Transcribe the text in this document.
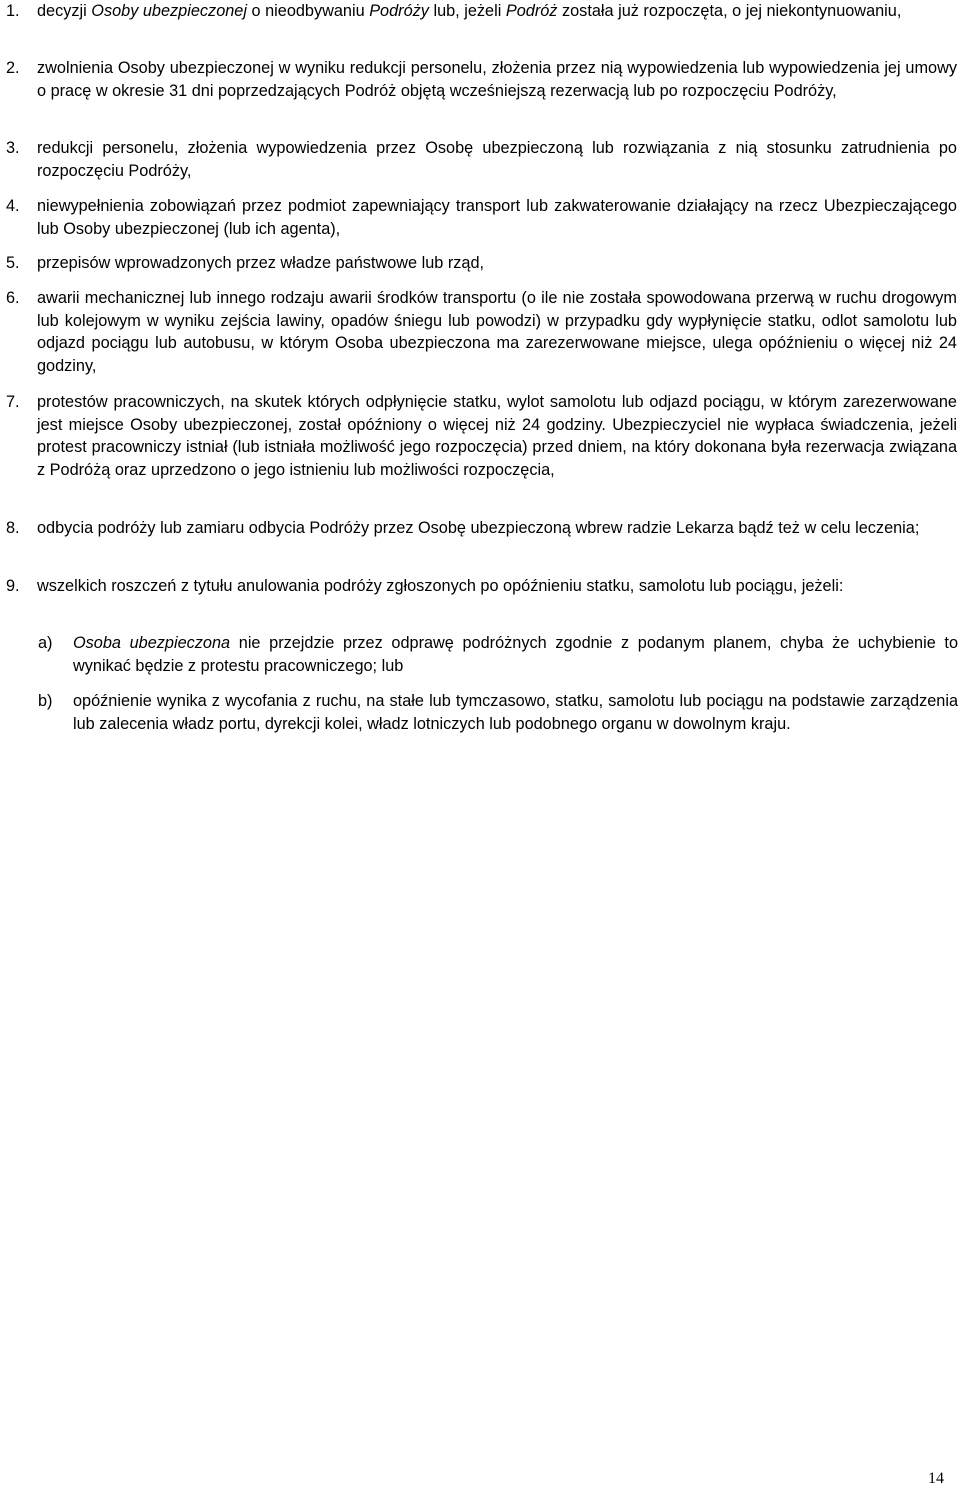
1. decyzji Osoby ubezpieczonej o nieodbywaniu Podróży lub, jeżeli Podróż została już rozpoczęta, o jej niekontynuowaniu,
2. zwolnienia Osoby ubezpieczonej w wyniku redukcji personelu, złożenia przez nią wypowiedzenia lub wypowiedzenia jej umowy o pracę w okresie 31 dni poprzedzających Podróż objętą wcześniejszą rezerwacją lub po rozpoczęciu Podróży,
3. redukcji personelu, złożenia wypowiedzenia przez Osobę ubezpieczoną lub rozwiązania z nią stosunku zatrudnienia po rozpoczęciu Podróży,
4. niewypełnienia zobowiązań przez podmiot zapewniający transport lub zakwaterowanie działający na rzecz Ubezpieczającego lub Osoby ubezpieczonej (lub ich agenta),
5. przepisów wprowadzonych przez władze państwowe lub rząd,
6. awarii mechanicznej lub innego rodzaju awarii środków transportu (o ile nie została spowodowana przerwą w ruchu drogowym lub kolejowym w wyniku zejścia lawiny, opadów śniegu lub powodzi) w przypadku gdy wypłynięcie statku, odlot samolotu lub odjazd pociągu lub autobusu, w którym Osoba ubezpieczona ma zarezerwowane miejsce, ulega opóźnieniu o więcej niż 24 godziny,
7. protestów pracowniczych, na skutek których odpłynięcie statku, wylot samolotu lub odjazd pociągu, w którym zarezerwowane jest miejsce Osoby ubezpieczonej, został opóźniony o więcej niż 24 godziny. Ubezpieczyciel nie wypłaca świadczenia, jeżeli protest pracowniczy istniał (lub istniała możliwość jego rozpoczęcia) przed dniem, na który dokonana była rezerwacja związana z Podróżą oraz uprzedzono o jego istnieniu lub możliwości rozpoczęcia,
8. odbycia podróży lub zamiaru odbycia Podróży przez Osobę ubezpieczoną wbrew radzie Lekarza bądź też w celu leczenia;
9. wszelkich roszczeń z tytułu anulowania podróży zgłoszonych po opóźnieniu statku, samolotu lub pociągu, jeżeli:
a) Osoba ubezpieczona nie przejdzie przez odprawę podróżnych zgodnie z podanym planem, chyba że uchybienie to wynikać będzie z protestu pracowniczego; lub
b) opóźnienie wynika z wycofania z ruchu, na stałe lub tymczasowo, statku, samolotu lub pociągu na podstawie zarządzenia lub zalecenia władz portu, dyrekcji kolei, władz lotniczych lub podobnego organu w dowolnym kraju.
14
